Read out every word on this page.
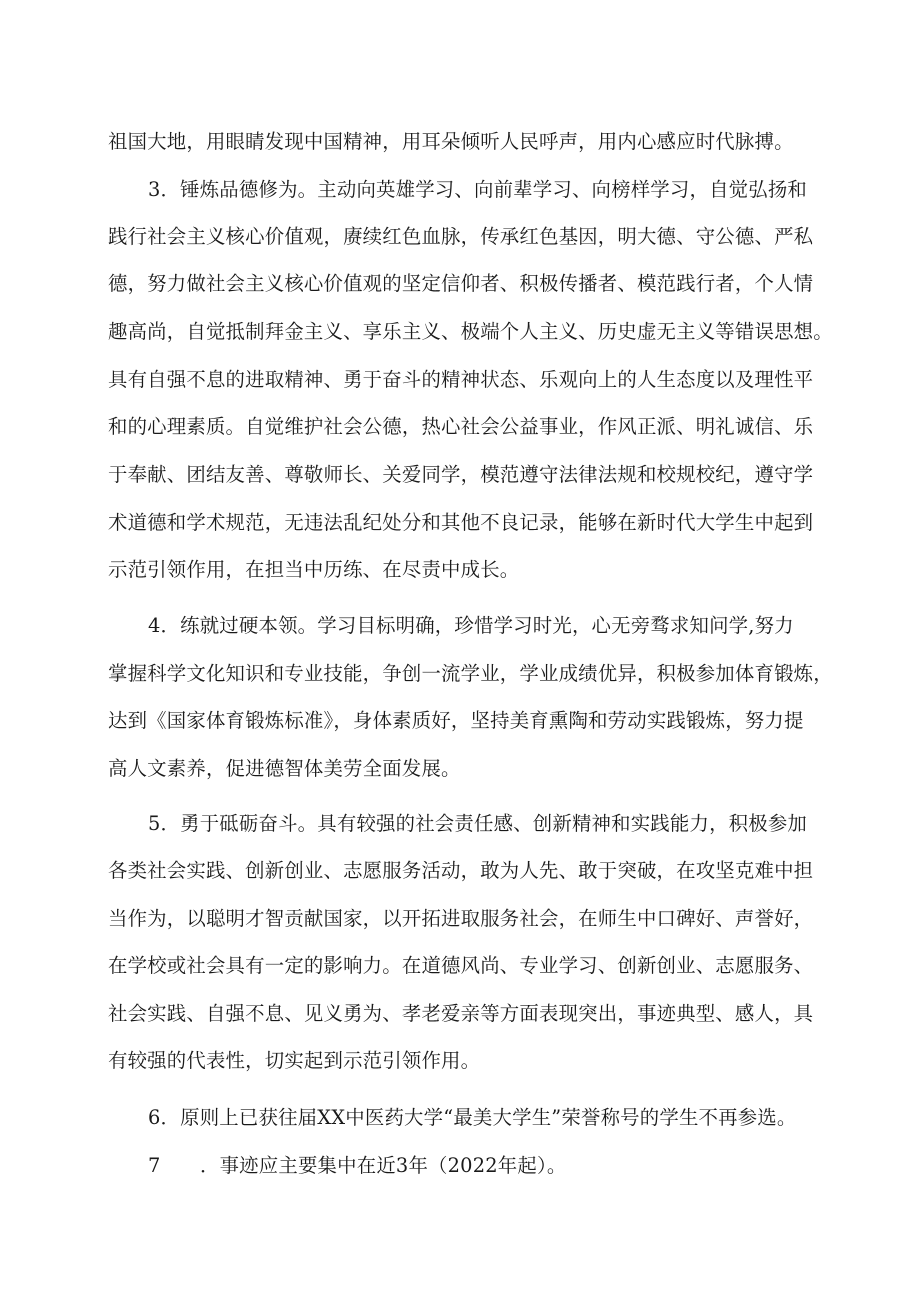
祖国大地，用眼睛发现中国精神，用耳朵倾听人民呼声，用内心感应时代脉搏。
3．锤炼品德修为。主动向英雄学习、向前辈学习、向榜样学习，自觉弘扬和
践行社会主义核心价值观，赓续红色血脉，传承红色基因，明大德、守公德、严私
德，努力做社会主义核心价值观的坚定信仰者、积极传播者、模范践行者，个人情
趣高尚，自觉抵制拜金主义、享乐主义、极端个人主义、历史虚无主义等错误思想。
具有自强不息的进取精神、勇于奋斗的精神状态、乐观向上的人生态度以及理性平
和的心理素质。自觉维护社会公德，热心社会公益事业，作风正派、明礼诚信、乐
于奉献、团结友善、尊敬师长、关爱同学，模范遵守法律法规和校规校纪，遵守学
术道德和学术规范，无违法乱纪处分和其他不良记录，能够在新时代大学生中起到
示范引领作用，在担当中历练、在尽责中成长。
4．练就过硬本领。学习目标明确，珍惜学习时光，心无旁骛求知问学,努力
掌握科学文化知识和专业技能，争创一流学业，学业成绩优异，积极参加体育锻炼，
达到《国家体育锻炼标准》，身体素质好，坚持美育熏陶和劳动实践锻炼，努力提
高人文素养，促进德智体美劳全面发展。
5．勇于砥砺奋斗。具有较强的社会责任感、创新精神和实践能力，积极参加
各类社会实践、创新创业、志愿服务活动，敢为人先、敢于突破，在攻坚克难中担
当作为，以聪明才智贡献国家，以开拓进取服务社会，在师生中口碑好、声誉好，
在学校或社会具有一定的影响力。在道德风尚、专业学习、创新创业、志愿服务、
社会实践、自强不息、见义勇为、孝老爱亲等方面表现突出，事迹典型、感人，具
有较强的代表性，切实起到示范引领作用。
6．原则上已获往届XX中医药大学“最美大学生”荣誉称号的学生不再参选。
7 ．事迹应主要集中在近3年（2022年起）。
